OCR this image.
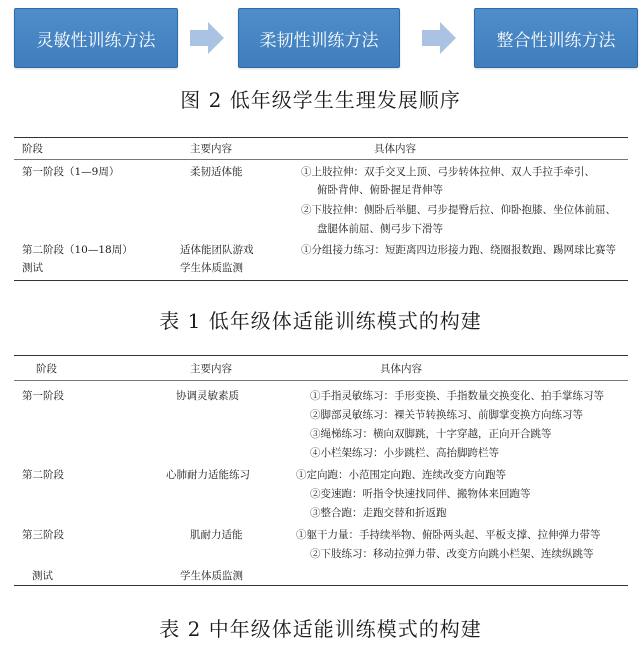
灵敏性训练方法	柔韧性训练方法	整合性训练方法
图 2 低年级学生生理发展顺序
阶段	主要内容	具体内容
第一阶段（1—9周）	柔韧适体能	①上肢拉伸：双手交叉上顶、弓步转体拉伸、双人手拉手牵引、
俯卧背伸、俯卧握足背伸等
②下肢拉伸：侧卧后举腿、弓步提臀后拉、仰卧抱膝、坐位体前屈、
盘腿体前屈、侧弓步下滑等
第二阶段（10—18周）	适体能团队游戏	①分组接力练习：短距离四边形接力跑、绕圈报数跑、踢网球比赛等
测试	学生体质监测
表 1 低年级体适能训练模式的构建
阶段	主要内容	具体内容
第一阶段	协调灵敏素质	①手指灵敏练习：手形变换、手指数量交换变化、拍手掌练习等
②脚部灵敏练习：裸关节转换练习、前脚掌变换方向练习等
③绳梯练习：横向双脚跳，十字穿越，正向开合跳等
④小栏架练习：小步跳栏、高抬脚跨栏等
第二阶段	心肺耐力适能练习	①定向跑：小范围定向跑、连续改变方向跑等
②变速跑：听指令快速找同伴、搬物体来回跑等
③整合跑：走跑交替和折返跑
第三阶段	肌耐力适能	①躯干力量：手持续举物、俯卧两头起、平板支撑、拉伸弹力带等
②下肢练习：移动拉弹力带、改变方向跳小栏架、连续纵跳等
测试	学生体质监测
表 2 中年级体适能训练模式的构建
